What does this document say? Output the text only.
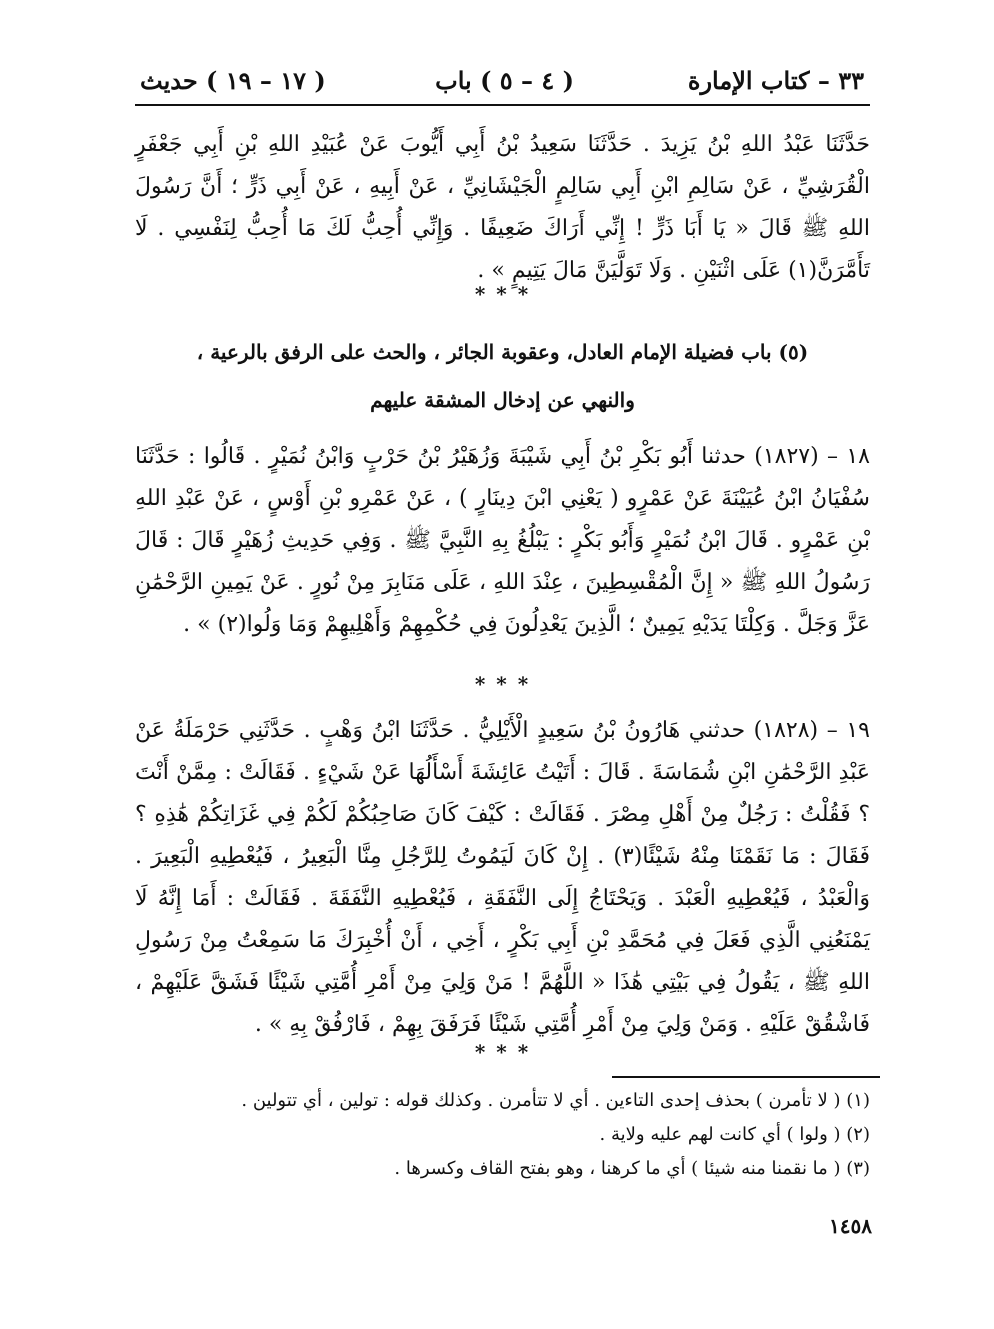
٣٣ – كتاب الإمارة
( ٤ – ٥ ) باب
( ١٧ – ١٩ ) حديث

حَدَّثَنَا عَبْدُ اللهِ بْنُ يَزِيدَ . حَدَّثَنَا سَعِيدُ بْنُ أَبِي أَيُّوبَ عَنْ عُبَيْدِ اللهِ بْنِ أَبِي جَعْفَرٍ الْقُرَشِيِّ ، عَنْ سَالِمِ ابْنِ أَبِي سَالِمٍ الْجَيْشَانِيِّ ، عَنْ أَبِيهِ ، عَنْ أَبِي ذَرٍّ ؛ أَنَّ رَسُولَ اللهِ ﷺ قَالَ « يَا أَبَا ذَرٍّ ! إِنِّي أَرَاكَ ضَعِيفًا . وَإِنِّي أُحِبُّ لَكَ مَا أُحِبُّ لِنَفْسِي . لَا تَأَمَّرَنَّ(١) عَلَى اثْنَيْنِ . وَلَا تَوَلَّيَنَّ مَالَ يَتِيمٍ » .

* * *
(٥) باب فضيلة الإمام العادل، وعقوبة الجائر ، والحث على الرفق بالرعية ،
والنهي عن إدخال المشقة عليهم

١٨ – (١٨٢٧) حدثنا أَبُو بَكْرِ بْنُ أَبِي شَيْبَةَ وَزُهَيْرُ بْنُ حَرْبٍ وَابْنُ نُمَيْرٍ . قَالُوا : حَدَّثَنَا سُفْيَانُ ابْنُ عُيَيْنَةَ عَنْ عَمْرٍو ( يَعْنِي ابْنَ دِينَارٍ ) ، عَنْ عَمْرِو بْنِ أَوْسٍ ، عَنْ عَبْدِ اللهِ بْنِ عَمْرٍو . قَالَ ابْنُ نُمَيْرٍ وَأَبُو بَكْرٍ : يَبْلُغُ بِهِ النَّبِيَّ ﷺ . وَفِي حَدِيثِ زُهَيْرٍ قَالَ : قَالَ رَسُولُ اللهِ ﷺ « إِنَّ الْمُقْسِطِينَ ، عِنْدَ اللهِ ، عَلَى مَنَابِرَ مِنْ نُورٍ . عَنْ يَمِينِ الرَّحْمَٰنِ عَزَّ وَجَلَّ . وَكِلْتَا يَدَيْهِ يَمِينٌ ؛ الَّذِينَ يَعْدِلُونَ فِي حُكْمِهِمْ وَأَهْلِيهِمْ وَمَا وَلُوا(٢) » .

* * *

١٩ – (١٨٢٨) حدثني هَارُونُ بْنُ سَعِيدٍ الْأَيْلِيُّ . حَدَّثَنَا ابْنُ وَهْبٍ . حَدَّثَنِي حَرْمَلَةُ عَنْ عَبْدِ الرَّحْمَٰنِ ابْنِ شُمَاسَةَ . قَالَ : أَتَيْتُ عَائِشَةَ أَسْأَلُهَا عَنْ شَيْءٍ . فَقَالَتْ : مِمَّنْ أَنْتَ ؟ فَقُلْتُ : رَجُلٌ مِنْ أَهْلِ مِصْرَ . فَقَالَتْ : كَيْفَ كَانَ صَاحِبُكُمْ لَكُمْ فِي غَزَاتِكُمْ هَٰذِهِ ؟ فَقَالَ : مَا نَقَمْنَا مِنْهُ شَيْئًا(٣) . إِنْ كَانَ لَيَمُوتُ لِلرَّجُلِ مِنَّا الْبَعِيرُ ، فَيُعْطِيهِ الْبَعِيرَ . وَالْعَبْدُ ، فَيُعْطِيهِ الْعَبْدَ . وَيَحْتَاجُ إِلَى النَّفَقَةِ ، فَيُعْطِيهِ النَّفَقَةَ . فَقَالَتْ : أَمَا إِنَّهُ لَا يَمْنَعُنِي الَّذِي فَعَلَ فِي مُحَمَّدِ بْنِ أَبِي بَكْرٍ ، أَخِي ، أَنْ أُخْبِرَكَ مَا سَمِعْتُ مِنْ رَسُولِ اللهِ ﷺ ، يَقُولُ فِي بَيْتِي هَٰذَا « اللَّهُمَّ ! مَنْ وَلِيَ مِنْ أَمْرِ أُمَّتِي شَيْئًا فَشَقَّ عَلَيْهِمْ ، فَاشْقُقْ عَلَيْهِ . وَمَنْ وَلِيَ مِنْ أَمْرِ أُمَّتِي شَيْئًا فَرَفَقَ بِهِمْ ، فَارْفُقْ بِهِ » .

* * *
(١) ( لا تأمرن ) بحذف إحدى التاءين . أي لا تتأمرن . وكذلك قوله : تولين ، أي تتولين .
(٢) ( ولوا ) أي كانت لهم عليه ولاية .
(٣) ( ما نقمنا منه شيئا ) أي ما كرهنا ، وهو بفتح القاف وكسرها .
١٤٥٨
